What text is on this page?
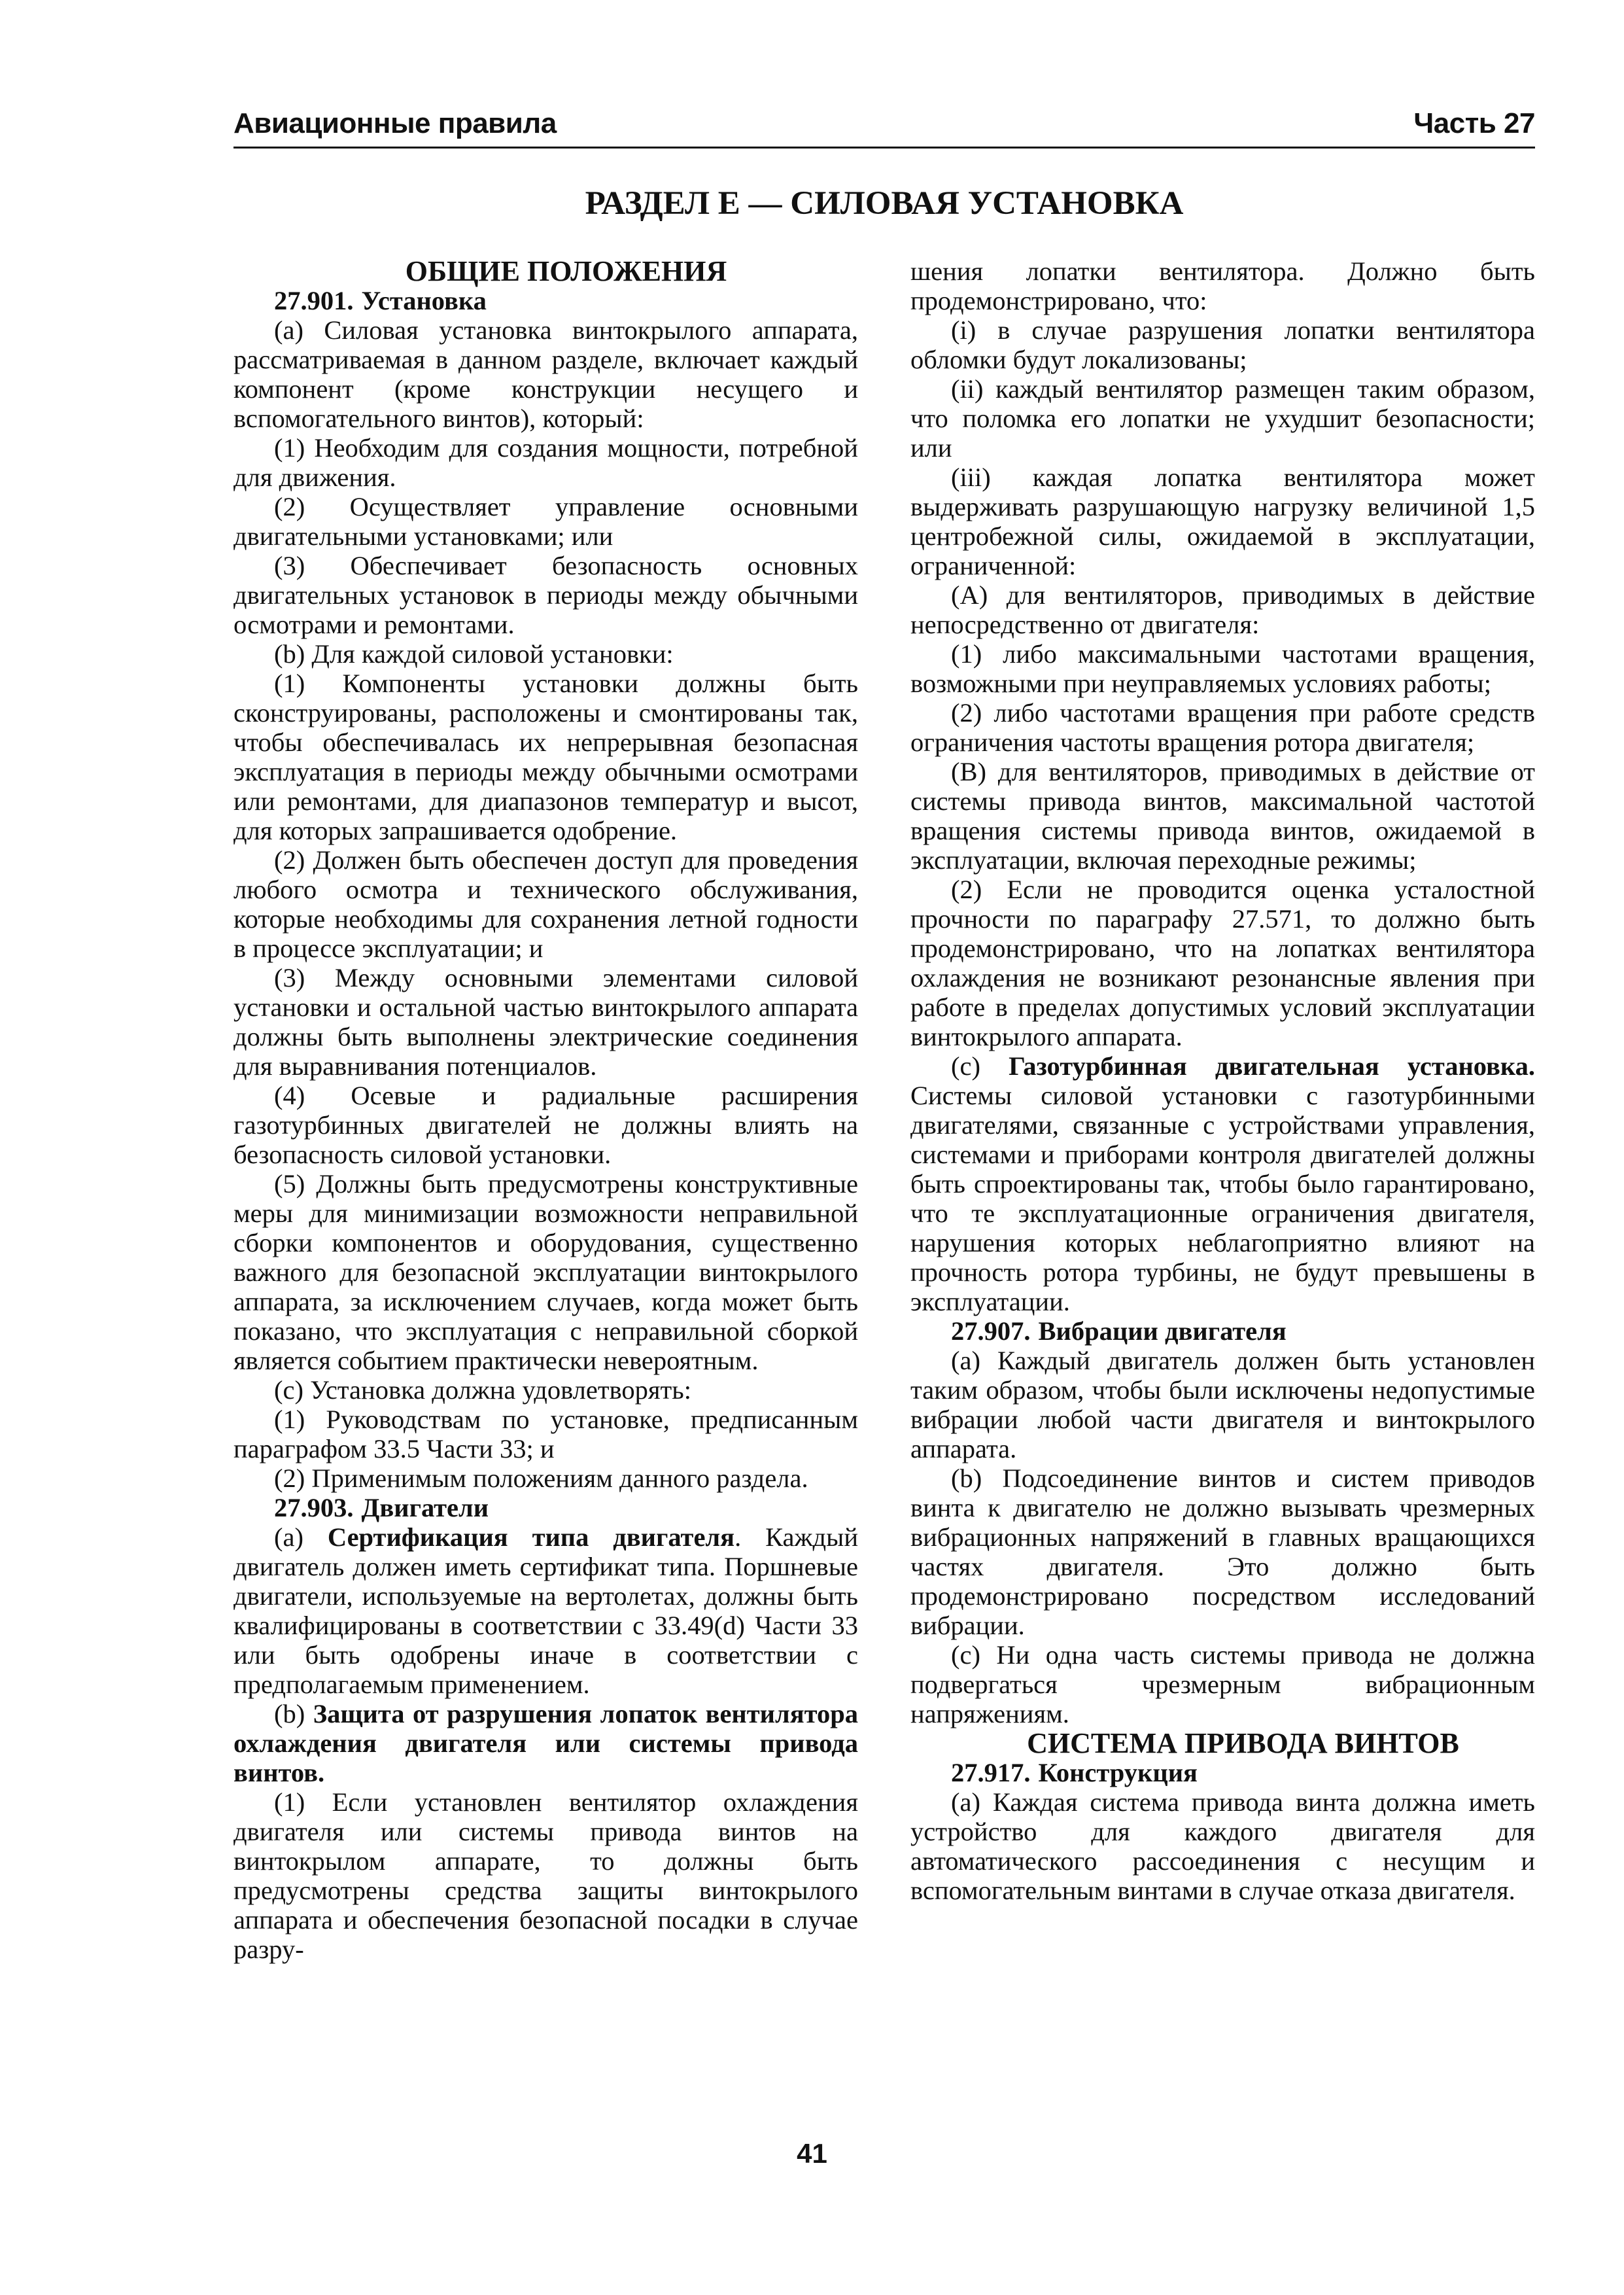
Авиационные правила	Часть 27
РАЗДЕЛ Е — СИЛОВАЯ УСТАНОВКА

ОБЩИЕ ПОЛОЖЕНИЯ

27.901. Установка

(a) Силовая установка винтокрылого аппарата, рассматриваемая в данном разделе, включает каждый компонент (кроме конструкции несущего и вспомогательного винтов), который:

(1) Необходим для создания мощности, потребной для движения.

(2) Осуществляет управление основными двигательными установками; или

(3) Обеспечивает безопасность основных двигательных установок в периоды между обычными осмотрами и ремонтами.

(b) Для каждой силовой установки:

(1) Компоненты установки должны быть сконструированы, расположены и смонтированы так, чтобы обеспечивалась их непрерывная безопасная эксплуатация в периоды между обычными осмотрами или ремонтами, для диапазонов температур и высот, для которых запрашивается одобрение.

(2) Должен быть обеспечен доступ для проведения любого осмотра и технического обслуживания, которые необходимы для сохранения летной годности в процессе эксплуатации; и

(3) Между основными элементами силовой установки и остальной частью винтокрылого аппарата должны быть выполнены электрические соединения для выравнивания потенциалов.

(4) Осевые и радиальные расширения газотурбинных двигателей не должны влиять на безопасность силовой установки.

(5) Должны быть предусмотрены конструктивные меры для минимизации возможности неправильной сборки компонентов и оборудования, существенно важного для безопасной эксплуатации винтокрылого аппарата, за исключением случаев, когда может быть показано, что эксплуатация с неправильной сборкой является событием практически невероятным.

(c) Установка должна удовлетворять:

(1) Руководствам по установке, предписанным параграфом 33.5 Части 33; и

(2) Применимым положениям данного раздела.

27.903. Двигатели

(a) Сертификация типа двигателя. Каждый двигатель должен иметь сертификат типа. Поршневые двигатели, используемые на вертолетах, должны быть квалифицированы в соответствии с 33.49(d) Части 33 или быть одобрены иначе в соответствии с предполагаемым применением.

(b) Защита от разрушения лопаток вентилятора охлаждения двигателя или системы привода винтов.

(1) Если установлен вентилятор охлаждения двигателя или системы привода винтов на винтокрылом аппарате, то должны быть предусмотрены средства защиты винтокрылого аппарата и обеспечения безопасной посадки в случае разру-

шения лопатки вентилятора. Должно быть продемонстрировано, что:

(i) в случае разрушения лопатки вентилятора обломки будут локализованы;

(ii) каждый вентилятор размещен таким образом, что поломка его лопатки не ухудшит безопасности; или

(iii) каждая лопатка вентилятора может выдерживать разрушающую нагрузку величиной 1,5 центробежной силы, ожидаемой в эксплуатации, ограниченной:

(A) для вентиляторов, приводимых в действие непосредственно от двигателя:

(1) либо максимальными частотами вращения, возможными при неуправляемых условиях работы;

(2) либо частотами вращения при работе средств ограничения частоты вращения ротора двигателя;

(B) для вентиляторов, приводимых в действие от системы привода винтов, максимальной частотой вращения системы привода винтов, ожидаемой в эксплуатации, включая переходные режимы;

(2) Если не проводится оценка усталостной прочности по параграфу 27.571, то должно быть продемонстрировано, что на лопатках вентилятора охлаждения не возникают резонансные явления при работе в пределах допустимых условий эксплуатации винтокрылого аппарата.

(c) Газотурбинная двигательная установка. Системы силовой установки с газотурбинными двигателями, связанные с устройствами управления, системами и приборами контроля двигателей должны быть спроектированы так, чтобы было гарантировано, что те эксплуатационные ограничения двигателя, нарушения которых неблагоприятно влияют на прочность ротора турбины, не будут превышены в эксплуатации.

27.907. Вибрации двигателя

(a) Каждый двигатель должен быть установлен таким образом, чтобы были исключены недопустимые вибрации любой части двигателя и винтокрылого аппарата.

(b) Подсоединение винтов и систем приводов винта к двигателю не должно вызывать чрезмерных вибрационных напряжений в главных вращающихся частях двигателя. Это должно быть продемонстрировано посредством исследований вибрации.

(c) Ни одна часть системы привода не должна подвергаться чрезмерным вибрационным напряжениям.

СИСТЕМА ПРИВОДА ВИНТОВ

27.917. Конструкция

(a) Каждая система привода винта должна иметь устройство для каждого двигателя для автоматического рассоединения с несущим и вспомогательным винтами в случае отказа двигателя.

41
